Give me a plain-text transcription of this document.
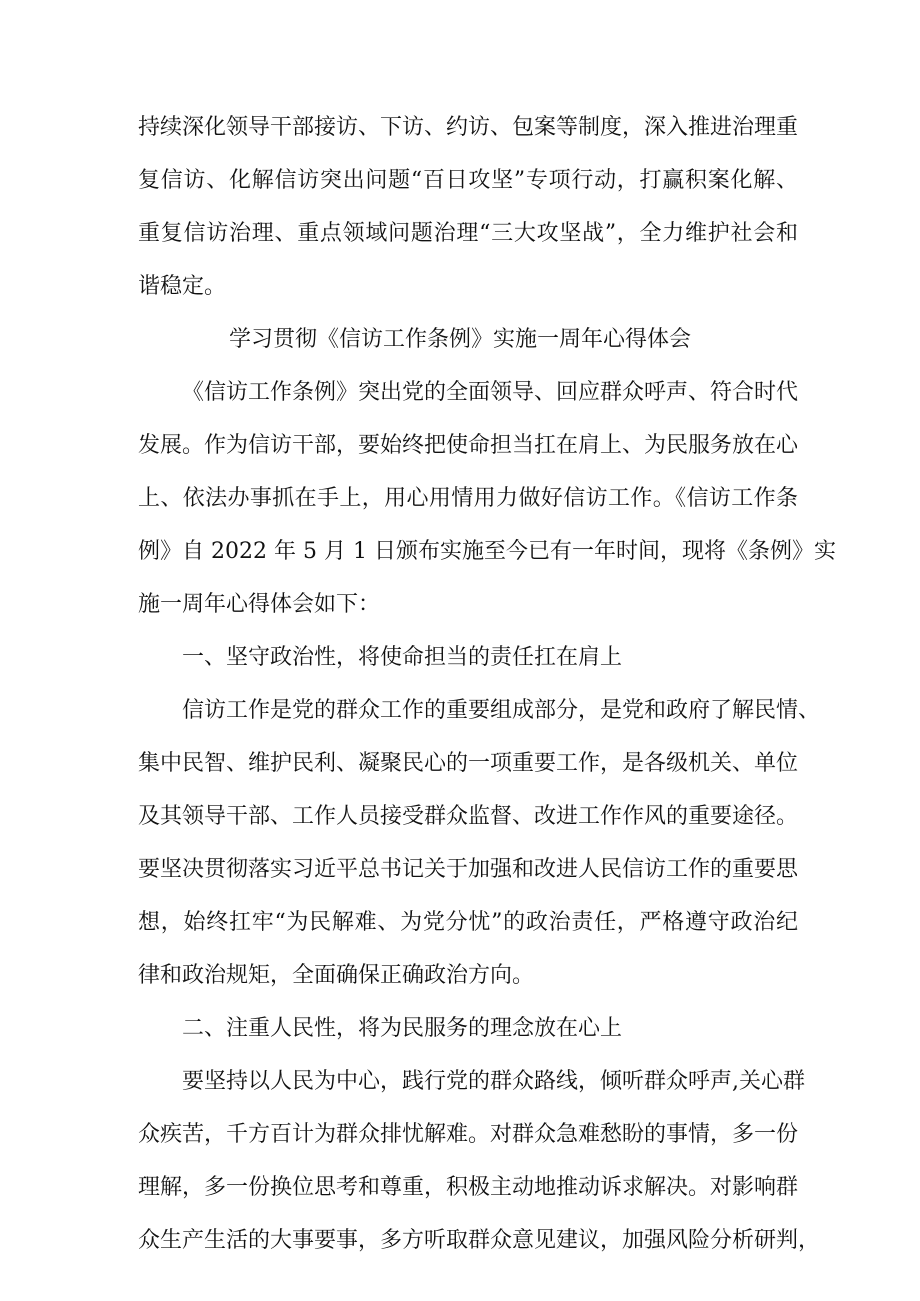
持续深化领导干部接访、下访、约访、包案等制度，深入推进治理重
复信访、化解信访突出问题“百日攻坚”专项行动，打赢积案化解、
重复信访治理、重点领域问题治理“三大攻坚战”，全力维护社会和
谐稳定。
学习贯彻《信访工作条例》实施一周年心得体会
《信访工作条例》突出党的全面领导、回应群众呼声、符合时代
发展。作为信访干部，要始终把使命担当扛在肩上、为民服务放在心
上、依法办事抓在手上，用心用情用力做好信访工作。《信访工作条
例》自 2022 年 5 月 1 日颁布实施至今已有一年时间，现将《条例》实
施一周年心得体会如下：
一、坚守政治性，将使命担当的责任扛在肩上
信访工作是党的群众工作的重要组成部分，是党和政府了解民情、
集中民智、维护民利、凝聚民心的一项重要工作，是各级机关、单位
及其领导干部、工作人员接受群众监督、改进工作作风的重要途径。
要坚决贯彻落实习近平总书记关于加强和改进人民信访工作的重要思
想，始终扛牢“为民解难、为党分忧”的政治责任，严格遵守政治纪
律和政治规矩，全面确保正确政治方向。
二、注重人民性，将为民服务的理念放在心上
要坚持以人民为中心，践行党的群众路线，倾听群众呼声,关心群
众疾苦，千方百计为群众排忧解难。对群众急难愁盼的事情，多一份
理解，多一份换位思考和尊重，积极主动地推动诉求解决。对影响群
众生产生活的大事要事，多方听取群众意见建议，加强风险分析研判，
